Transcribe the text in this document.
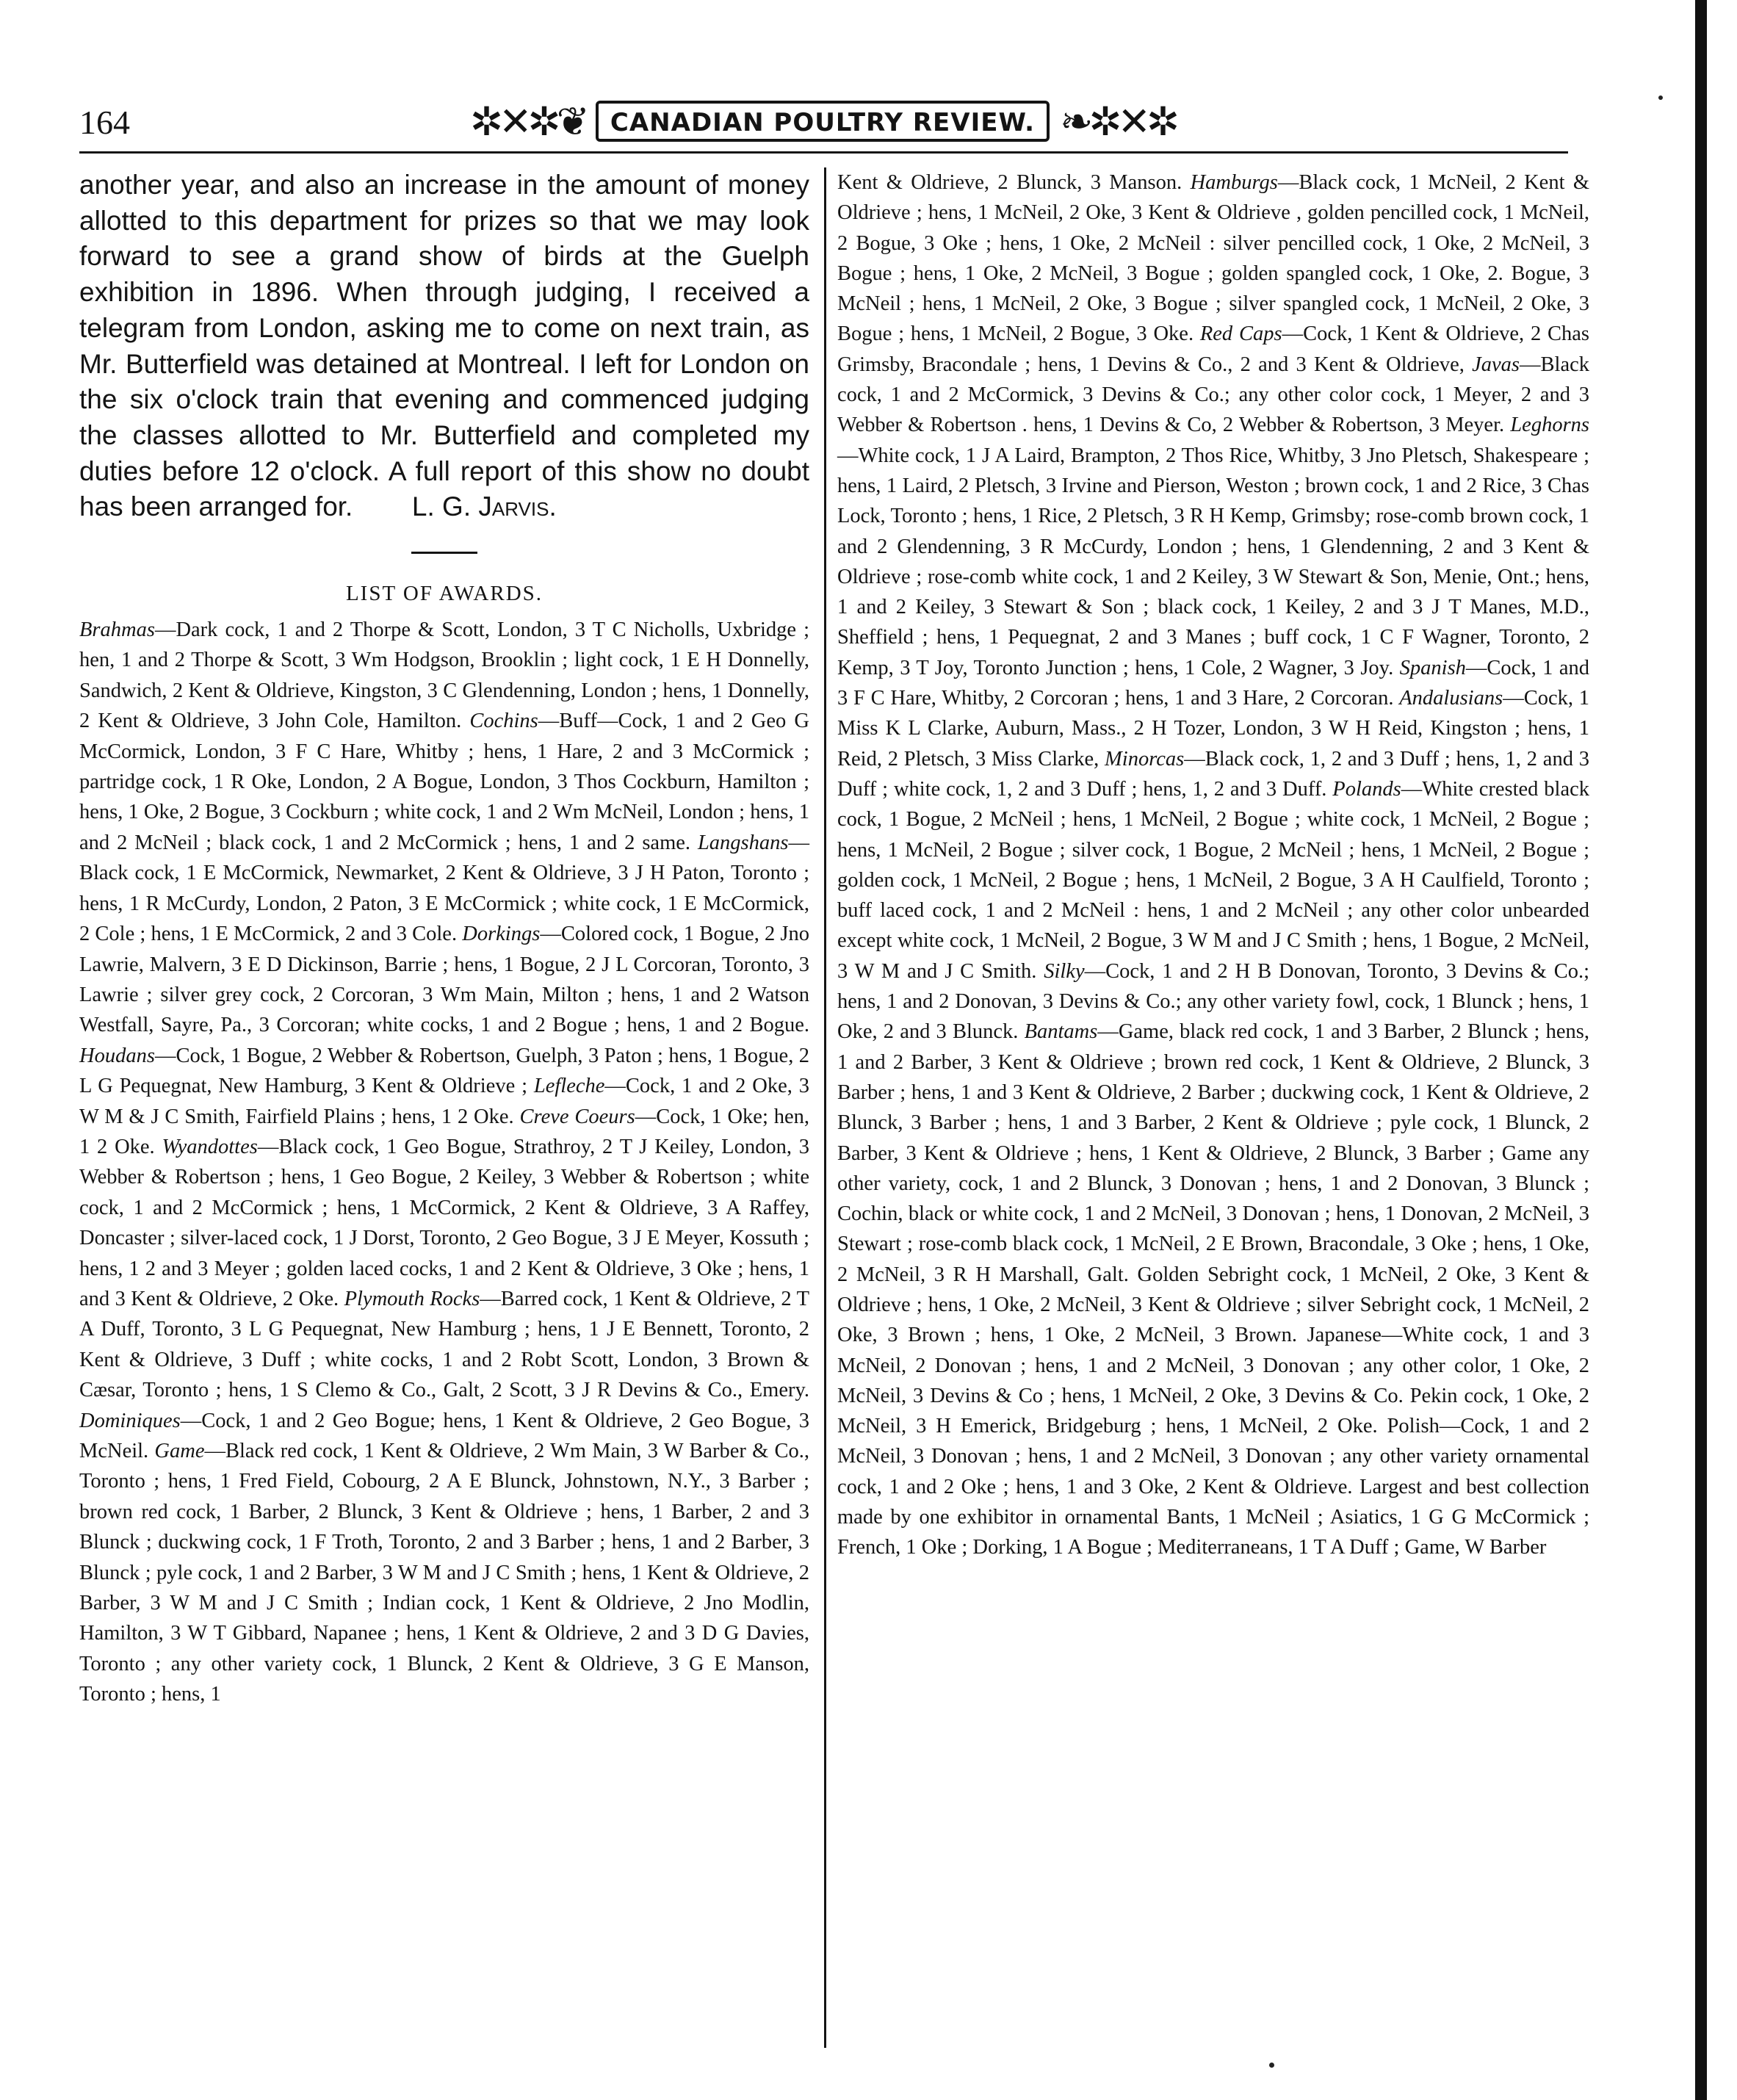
164	✲✕✲❦	CANADIAN POULTRY REVIEW. ❧✲✕✲

another year, and also an increase in the amount of money allotted to this department for prizes so that we may look forward to see a grand show of birds at the Guelph exhibition in 1896. When through judging, I received a telegram from London, asking me to come on next train, as Mr. Butterfield was detained at Montreal. I left for London on the six o'clock train that evening and commenced judging the classes allotted to Mr. Butterfield and completed my duties before 12 o'clock. A full report of this show no doubt has been arranged for. L. G. Jarvis.

LIST OF AWARDS.

Brahmas—Dark cock, 1 and 2 Thorpe & Scott, London, 3 T C Nicholls, Uxbridge ; hen, 1 and 2 Thorpe & Scott, 3 Wm Hodgson, Brooklin ; light cock, 1 E H Donnelly, Sandwich, 2 Kent & Oldrieve, Kingston, 3 C Glendenning, London ; hens, 1 Donnelly, 2 Kent & Oldrieve, 3 John Cole, Hamilton. Cochins—Buff—Cock, 1 and 2 Geo G McCormick, London, 3 F C Hare, Whitby ; hens, 1 Hare, 2 and 3 McCormick ; partridge cock, 1 R Oke, London, 2 A Bogue, London, 3 Thos Cockburn, Hamilton ; hens, 1 Oke, 2 Bogue, 3 Cockburn ; white cock, 1 and 2 Wm McNeil, London ; hens, 1 and 2 McNeil ; black cock, 1 and 2 McCormick ; hens, 1 and 2 same. Langshans—Black cock, 1 E McCormick, Newmarket, 2 Kent & Oldrieve, 3 J H Paton, Toronto ; hens, 1 R McCurdy, London, 2 Paton, 3 E McCormick ; white cock, 1 E McCormick, 2 Cole ; hens, 1 E McCormick, 2 and 3 Cole. Dorkings—Colored cock, 1 Bogue, 2 Jno Lawrie, Malvern, 3 E D Dickinson, Barrie ; hens, 1 Bogue, 2 J L Corcoran, Toronto, 3 Lawrie ; silver grey cock, 2 Corcoran, 3 Wm Main, Milton ; hens, 1 and 2 Watson Westfall, Sayre, Pa., 3 Corcoran; white cocks, 1 and 2 Bogue ; hens, 1 and 2 Bogue. Houdans—Cock, 1 Bogue, 2 Webber & Robertson, Guelph, 3 Paton ; hens, 1 Bogue, 2 L G Pequegnat, New Hamburg, 3 Kent & Oldrieve ; Lefleche—Cock, 1 and 2 Oke, 3 W M & J C Smith, Fairfield Plains ; hens, 1 2 Oke. Creve Coeurs—Cock, 1 Oke; hen, 1 2 Oke. Wyandottes—Black cock, 1 Geo Bogue, Strathroy, 2 T J Keiley, London, 3 Webber & Robertson ; hens, 1 Geo Bogue, 2 Keiley, 3 Webber & Robertson ; white cock, 1 and 2 McCormick ; hens, 1 McCormick, 2 Kent & Oldrieve, 3 A Raffey, Doncaster ; silver-laced cock, 1 J Dorst, Toronto, 2 Geo Bogue, 3 J E Meyer, Kossuth ; hens, 1 2 and 3 Meyer ; golden laced cocks, 1 and 2 Kent & Oldrieve, 3 Oke ; hens, 1 and 3 Kent & Oldrieve, 2 Oke. Plymouth Rocks—Barred cock, 1 Kent & Oldrieve, 2 T A Duff, Toronto, 3 L G Pequegnat, New Hamburg ; hens, 1 J E Bennett, Toronto, 2 Kent & Oldrieve, 3 Duff ; white cocks, 1 and 2 Robt Scott, London, 3 Brown & Cæsar, Toronto ; hens, 1 S Clemo & Co., Galt, 2 Scott, 3 J R Devins & Co., Emery. Dominiques—Cock, 1 and 2 Geo Bogue; hens, 1 Kent & Oldrieve, 2 Geo Bogue, 3 McNeil. Game—Black red cock, 1 Kent & Oldrieve, 2 Wm Main, 3 W Barber & Co., Toronto ; hens, 1 Fred Field, Cobourg, 2 A E Blunck, Johnstown, N.Y., 3 Barber ; brown red cock, 1 Barber, 2 Blunck, 3 Kent & Oldrieve ; hens, 1 Barber, 2 and 3 Blunck ; duckwing cock, 1 F Troth, Toronto, 2 and 3 Barber ; hens, 1 and 2 Barber, 3 Blunck ; pyle cock, 1 and 2 Barber, 3 W M and J C Smith ; hens, 1 Kent & Oldrieve, 2 Barber, 3 W M and J C Smith ; Indian cock, 1 Kent & Oldrieve, 2 Jno Modlin, Hamilton, 3 W T Gibbard, Napanee ; hens, 1 Kent & Oldrieve, 2 and 3 D G Davies, Toronto ; any other variety cock, 1 Blunck, 2 Kent & Oldrieve, 3 G E Manson, Toronto ; hens, 1

Kent & Oldrieve, 2 Blunck, 3 Manson. Hamburgs—Black cock, 1 McNeil, 2 Kent & Oldrieve ; hens, 1 McNeil, 2 Oke, 3 Kent & Oldrieve , golden pencilled cock, 1 McNeil, 2 Bogue, 3 Oke ; hens, 1 Oke, 2 McNeil : silver pencilled cock, 1 Oke, 2 McNeil, 3 Bogue ; hens, 1 Oke, 2 McNeil, 3 Bogue ; golden spangled cock, 1 Oke, 2. Bogue, 3 McNeil ; hens, 1 McNeil, 2 Oke, 3 Bogue ; silver spangled cock, 1 McNeil, 2 Oke, 3 Bogue ; hens, 1 McNeil, 2 Bogue, 3 Oke. Red Caps—Cock, 1 Kent & Oldrieve, 2 Chas Grimsby, Bracondale ; hens, 1 Devins & Co., 2 and 3 Kent & Oldrieve, Javas—Black cock, 1 and 2 McCormick, 3 Devins & Co.; any other color cock, 1 Meyer, 2 and 3 Webber & Robertson . hens, 1 Devins & Co, 2 Webber & Robertson, 3 Meyer. Leghorns—White cock, 1 J A Laird, Brampton, 2 Thos Rice, Whitby, 3 Jno Pletsch, Shakespeare ; hens, 1 Laird, 2 Pletsch, 3 Irvine and Pierson, Weston ; brown cock, 1 and 2 Rice, 3 Chas Lock, Toronto ; hens, 1 Rice, 2 Pletsch, 3 R H Kemp, Grimsby; rose-comb brown cock, 1 and 2 Glendenning, 3 R McCurdy, London ; hens, 1 Glendenning, 2 and 3 Kent & Oldrieve ; rose-comb white cock, 1 and 2 Keiley, 3 W Stewart & Son, Menie, Ont.; hens, 1 and 2 Keiley, 3 Stewart & Son ; black cock, 1 Keiley, 2 and 3 J T Manes, M.D., Sheffield ; hens, 1 Pequegnat, 2 and 3 Manes ; buff cock, 1 C F Wagner, Toronto, 2 Kemp, 3 T Joy, Toronto Junction ; hens, 1 Cole, 2 Wagner, 3 Joy. Spanish—Cock, 1 and 3 F C Hare, Whitby, 2 Corcoran ; hens, 1 and 3 Hare, 2 Corcoran. Andalusians—Cock, 1 Miss K L Clarke, Auburn, Mass., 2 H Tozer, London, 3 W H Reid, Kingston ; hens, 1 Reid, 2 Pletsch, 3 Miss Clarke, Minorcas—Black cock, 1, 2 and 3 Duff ; hens, 1, 2 and 3 Duff ; white cock, 1, 2 and 3 Duff ; hens, 1, 2 and 3 Duff. Polands—White crested black cock, 1 Bogue, 2 McNeil ; hens, 1 McNeil, 2 Bogue ; white cock, 1 McNeil, 2 Bogue ; hens, 1 McNeil, 2 Bogue ; silver cock, 1 Bogue, 2 McNeil ; hens, 1 McNeil, 2 Bogue ; golden cock, 1 McNeil, 2 Bogue ; hens, 1 McNeil, 2 Bogue, 3 A H Caulfield, Toronto ; buff laced cock, 1 and 2 McNeil : hens, 1 and 2 McNeil ; any other color unbearded except white cock, 1 McNeil, 2 Bogue, 3 W M and J C Smith ; hens, 1 Bogue, 2 McNeil, 3 W M and J C Smith. Silky—Cock, 1 and 2 H B Donovan, Toronto, 3 Devins & Co.; hens, 1 and 2 Donovan, 3 Devins & Co.; any other variety fowl, cock, 1 Blunck ; hens, 1 Oke, 2 and 3 Blunck. Bantams—Game, black red cock, 1 and 3 Barber, 2 Blunck ; hens, 1 and 2 Barber, 3 Kent & Oldrieve ; brown red cock, 1 Kent & Oldrieve, 2 Blunck, 3 Barber ; hens, 1 and 3 Kent & Oldrieve, 2 Barber ; duckwing cock, 1 Kent & Oldrieve, 2 Blunck, 3 Barber ; hens, 1 and 3 Barber, 2 Kent & Oldrieve ; pyle cock, 1 Blunck, 2 Barber, 3 Kent & Oldrieve ; hens, 1 Kent & Oldrieve, 2 Blunck, 3 Barber ; Game any other variety, cock, 1 and 2 Blunck, 3 Donovan ; hens, 1 and 2 Donovan, 3 Blunck ; Cochin, black or white cock, 1 and 2 McNeil, 3 Donovan ; hens, 1 Donovan, 2 McNeil, 3 Stewart ; rose-comb black cock, 1 McNeil, 2 E Brown, Bracondale, 3 Oke ; hens, 1 Oke, 2 McNeil, 3 R H Marshall, Galt. Golden Sebright cock, 1 McNeil, 2 Oke, 3 Kent & Oldrieve ; hens, 1 Oke, 2 McNeil, 3 Kent & Oldrieve ; silver Sebright cock, 1 McNeil, 2 Oke, 3 Brown ; hens, 1 Oke, 2 McNeil, 3 Brown. Japanese—White cock, 1 and 3 McNeil, 2 Donovan ; hens, 1 and 2 McNeil, 3 Donovan ; any other color, 1 Oke, 2 McNeil, 3 Devins & Co ; hens, 1 McNeil, 2 Oke, 3 Devins & Co. Pekin cock, 1 Oke, 2 McNeil, 3 H Emerick, Bridgeburg ; hens, 1 McNeil, 2 Oke. Polish—Cock, 1 and 2 McNeil, 3 Donovan ; hens, 1 and 2 McNeil, 3 Donovan ; any other variety ornamental cock, 1 and 2 Oke ; hens, 1 and 3 Oke, 2 Kent & Oldrieve. Largest and best collection made by one exhibitor in ornamental Bants, 1 McNeil ; Asiatics, 1 G G McCormick ; French, 1 Oke ; Dorking, 1 A Bogue ; Mediterraneans, 1 T A Duff ; Game, W Barber
